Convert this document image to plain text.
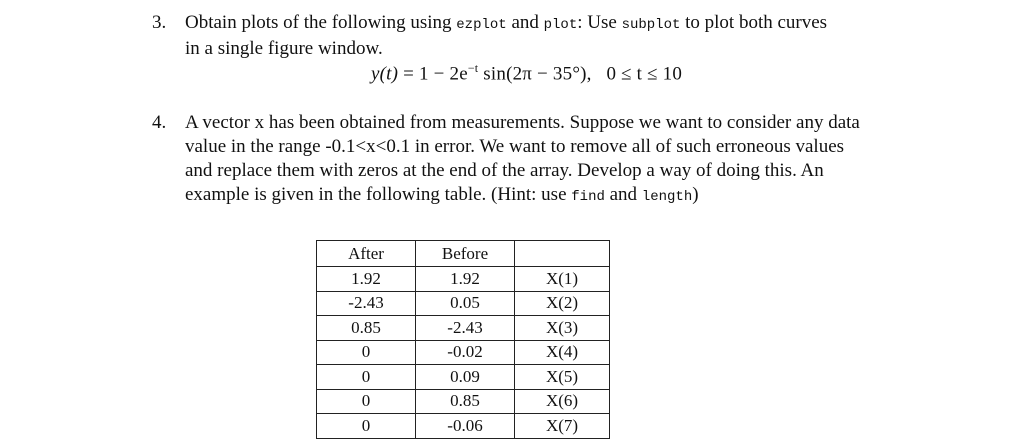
3. Obtain plots of the following using ezplot and plot: Use subplot to plot both curves
in a single figure window.
$y(t) = 1 - 2e^{-t}$ sin(2π − 35°), 0 ≤ t ≤ 10
4. A vector x has been obtained from measurements. Suppose we want to consider any data
value in the range -0.1<x<0.1 in error. We want to remove all of such erroneous values
and replace them with zeros at the end of the array. Develop a way of doing this. An
example is given in the following table. (Hint: use find and length)
After	Before	
1.92	1.92	X(1)
-2.43	0.05	X(2)
0.85	-2.43	X(3)
0	-0.02	X(4)
0	0.09	X(5)
0	0.85	X(6)
0	-0.06	X(7)
